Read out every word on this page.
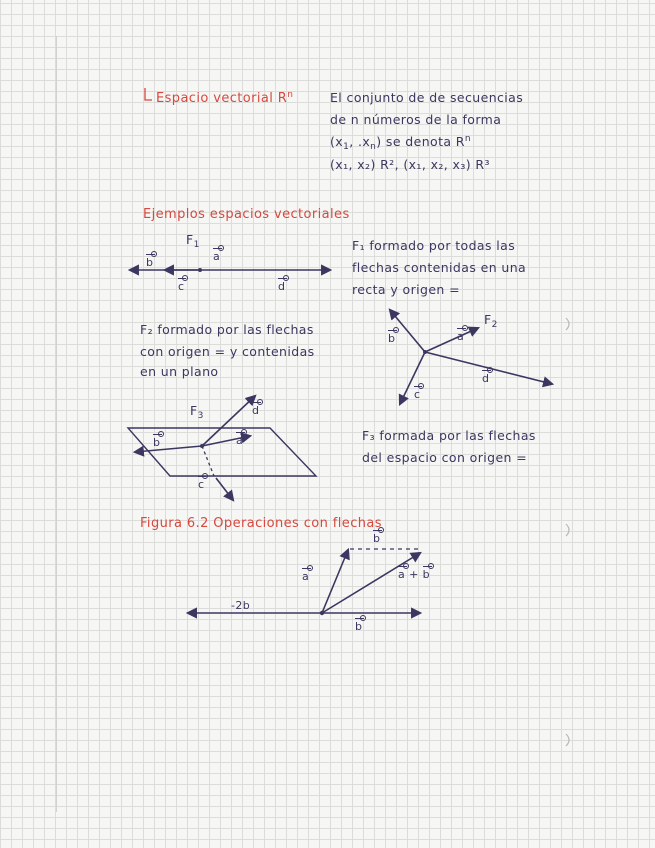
Espacio vectorial $R^n$	El conjunto de de secuencias
de n números de la forma
($x_1$, $.x_n$) se denota $R^n$
(x₁, x₂) R², (x₁, x₂, x₃) R³
Ejemplos espacios vectoriales
$F_1$
a
b
c	d
F₁ formado por todas las
flechas contenidas en una
recta y origen =
$F_2$
a
b
c
d
F₂ formado por las flechas
con origen = y contenidas
en un plano
$F_3$
a
b
c
d
F₃ formada por las flechas
del espacio con origen =
Figura 6.2 Operaciones con flechas
b
a	a + b
b
-2b
